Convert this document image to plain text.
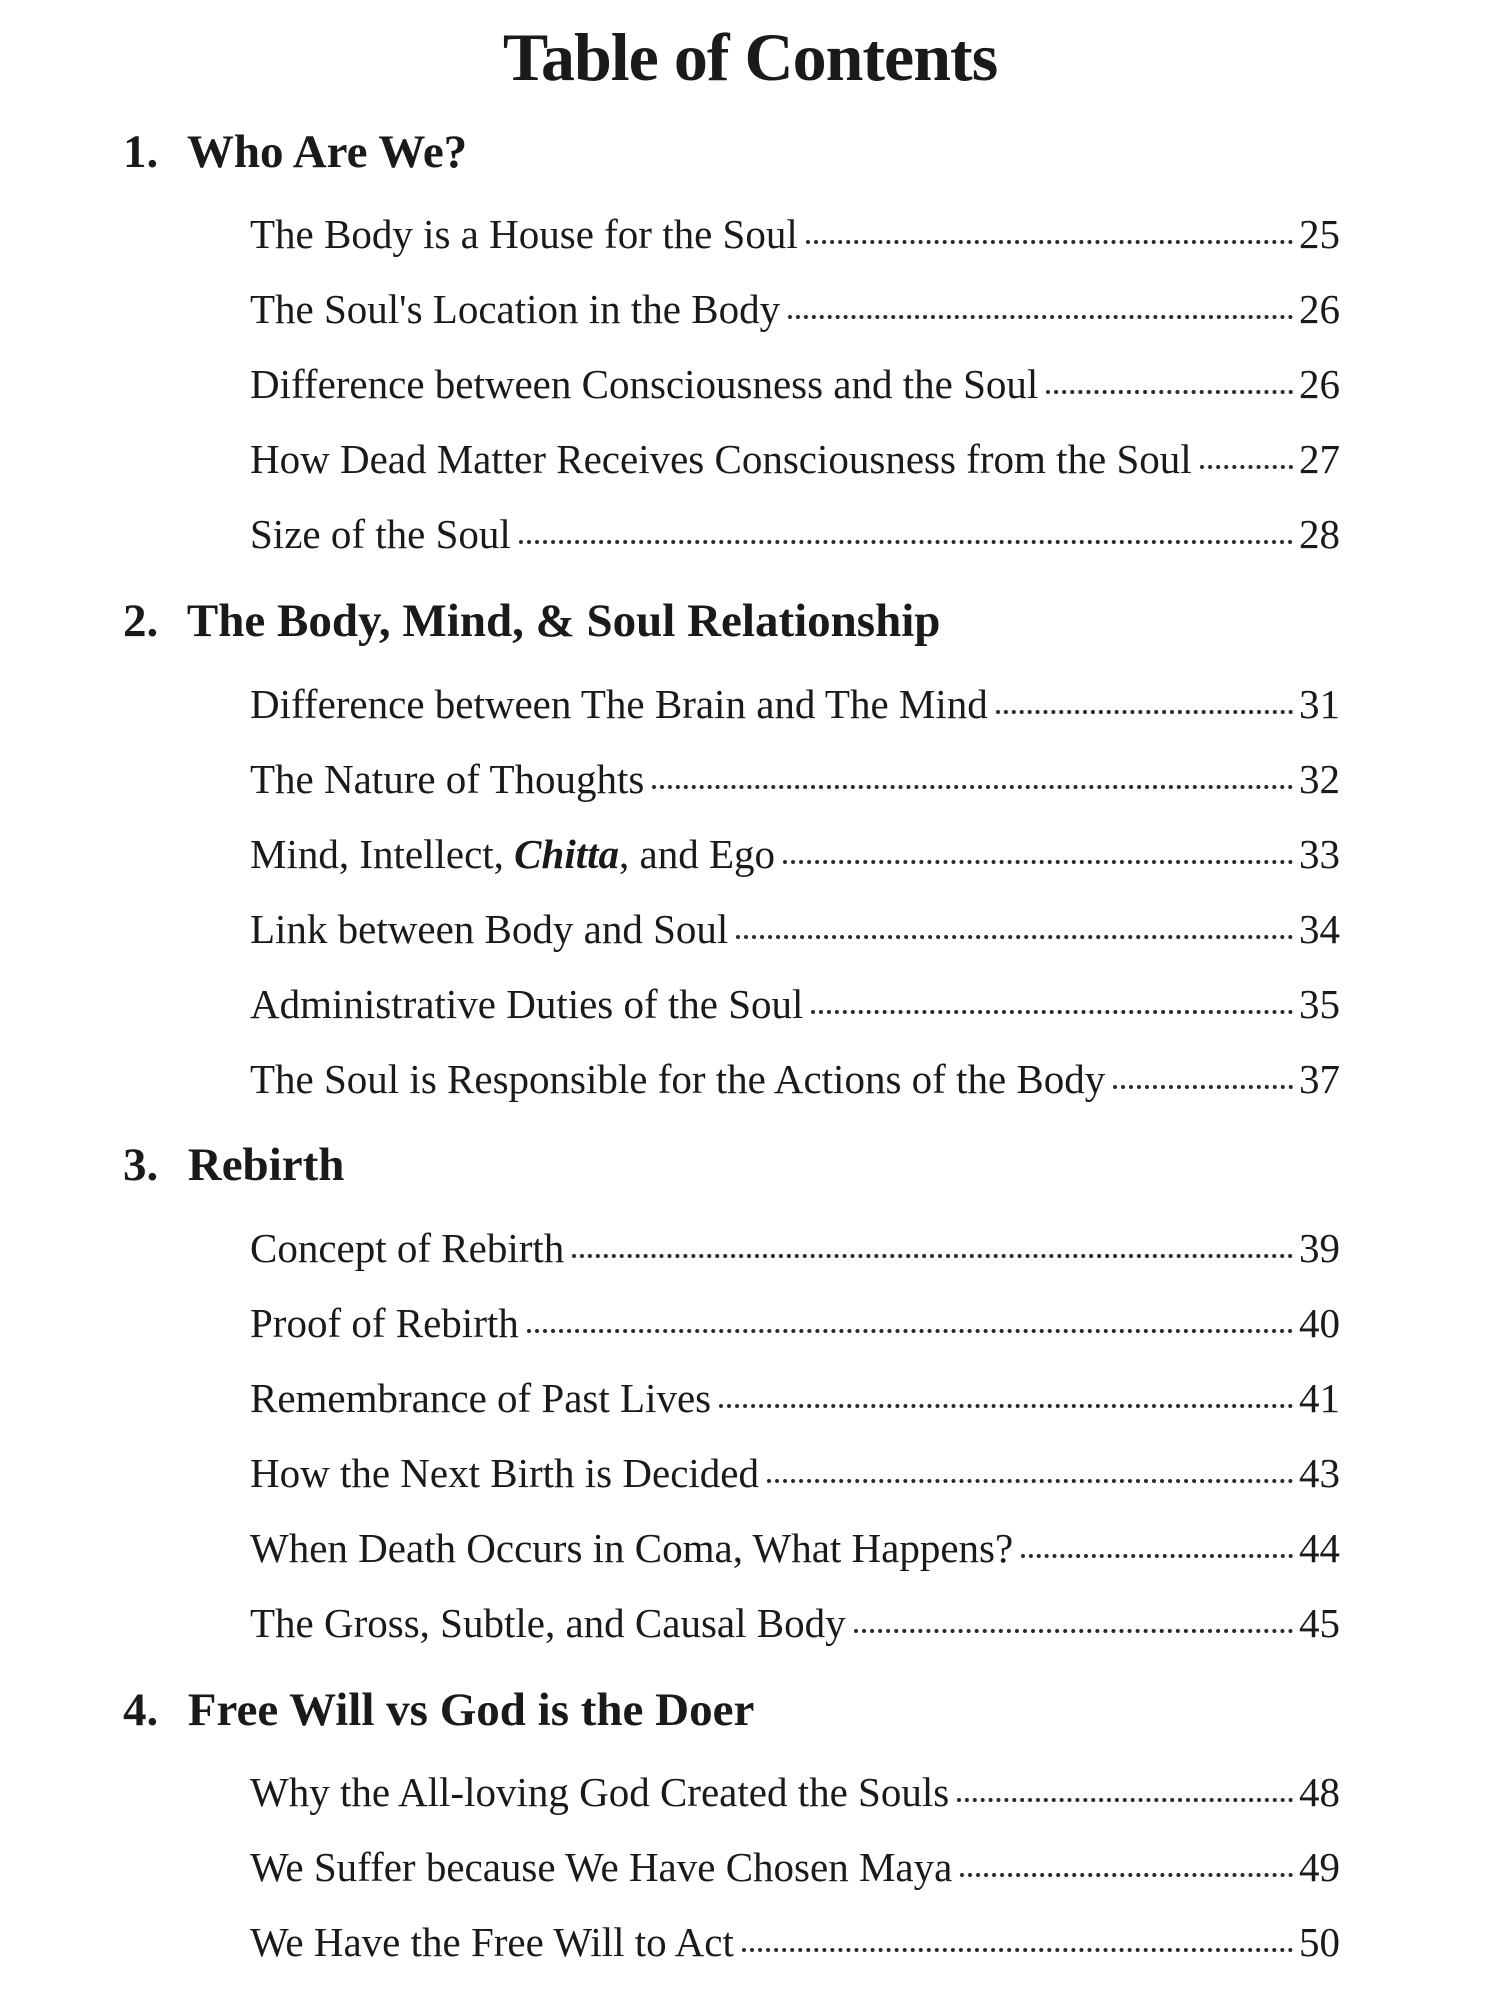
Table of Contents
1. Who Are We?
The Body is a House for the Soul	25
The Soul's Location in the Body	26
Difference between Consciousness and the Soul	26
How Dead Matter Receives Consciousness from the Soul	27
Size of the Soul	28
2. The Body, Mind, & Soul Relationship
Difference between The Brain and The Mind	31
The Nature of Thoughts	32
Mind, Intellect, Chitta, and Ego	33
Link between Body and Soul	34
Administrative Duties of the Soul	35
The Soul is Responsible for the Actions of the Body	37
3. Rebirth
Concept of Rebirth	39
Proof of Rebirth	40
Remembrance of Past Lives	41
How the Next Birth is Decided	43
When Death Occurs in Coma, What Happens?	44
The Gross, Subtle, and Causal Body	45
4. Free Will vs God is the Doer
Why the All-loving God Created the Souls	48
We Suffer because We Have Chosen Maya	49
We Have the Free Will to Act	50
